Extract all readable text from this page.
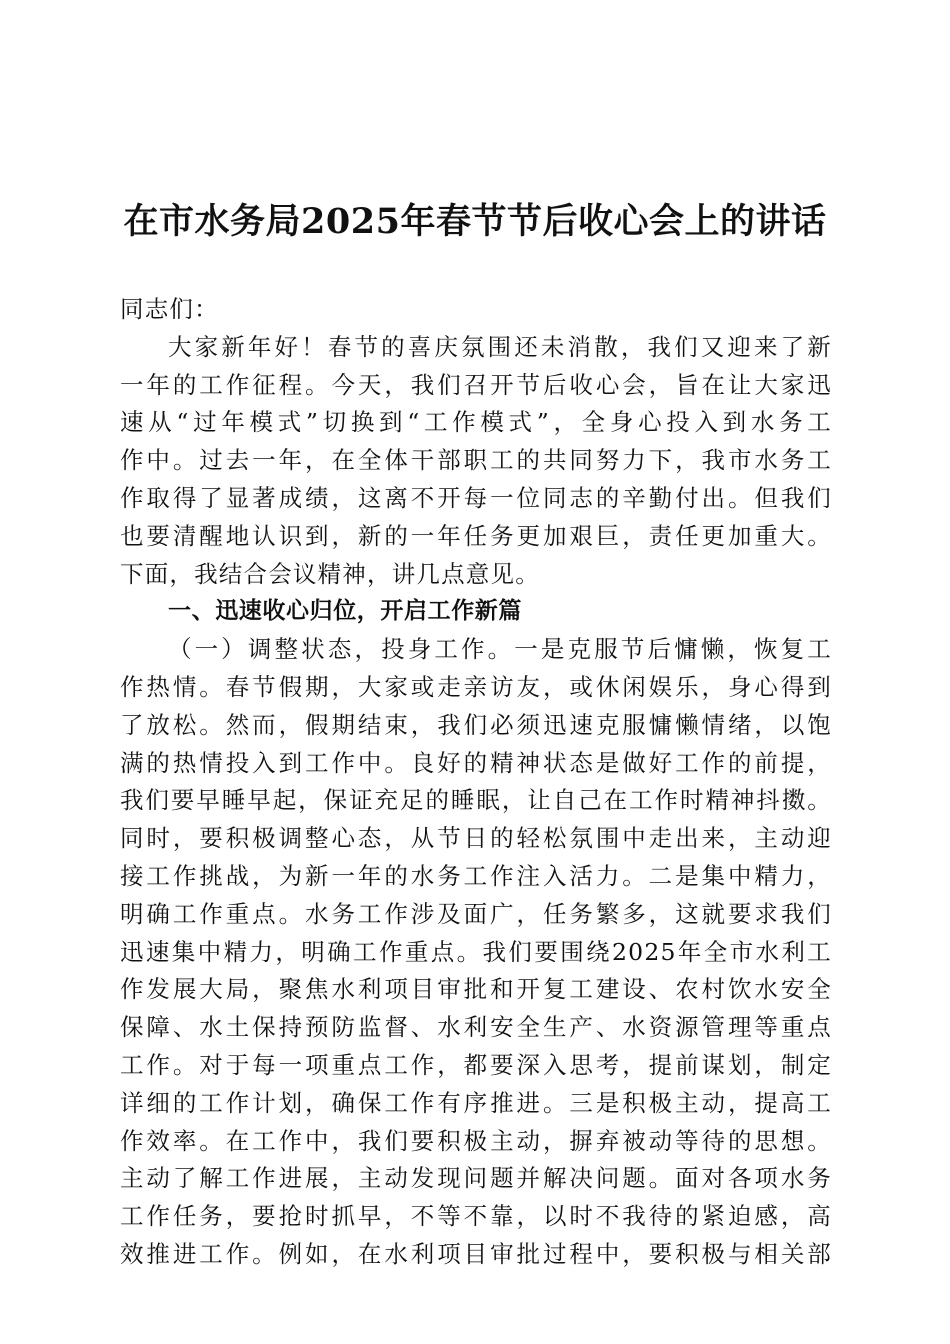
在市水务局2025年春节节后收心会上的讲话
同志们：
大家新年好！春节的喜庆氛围还未消散，我们又迎来了新
一年的工作征程。今天，我们召开节后收心会，旨在让大家迅
速从“过年模式”切换到“工作模式”，全身心投入到水务工
作中。过去一年，在全体干部职工的共同努力下，我市水务工
作取得了显著成绩，这离不开每一位同志的辛勤付出。但我们
也要清醒地认识到，新的一年任务更加艰巨，责任更加重大。
下面，我结合会议精神，讲几点意见。
一、迅速收心归位，开启工作新篇
（一）调整状态，投身工作。一是克服节后慵懒，恢复工
作热情。春节假期，大家或走亲访友，或休闲娱乐，身心得到
了放松。然而，假期结束，我们必须迅速克服慵懒情绪，以饱
满的热情投入到工作中。良好的精神状态是做好工作的前提，
我们要早睡早起，保证充足的睡眠，让自己在工作时精神抖擞。
同时，要积极调整心态，从节日的轻松氛围中走出来，主动迎
接工作挑战，为新一年的水务工作注入活力。二是集中精力，
明确工作重点。水务工作涉及面广，任务繁多，这就要求我们
迅速集中精力，明确工作重点。我们要围绕2025年全市水利工
作发展大局，聚焦水利项目审批和开复工建设、农村饮水安全
保障、水土保持预防监督、水利安全生产、水资源管理等重点
工作。对于每一项重点工作，都要深入思考，提前谋划，制定
详细的工作计划，确保工作有序推进。三是积极主动，提高工
作效率。在工作中，我们要积极主动，摒弃被动等待的思想。
主动了解工作进展，主动发现问题并解决问题。面对各项水务
工作任务，要抢时抓早，不等不靠，以时不我待的紧迫感，高
效推进工作。例如，在水利项目审批过程中，要积极与相关部
